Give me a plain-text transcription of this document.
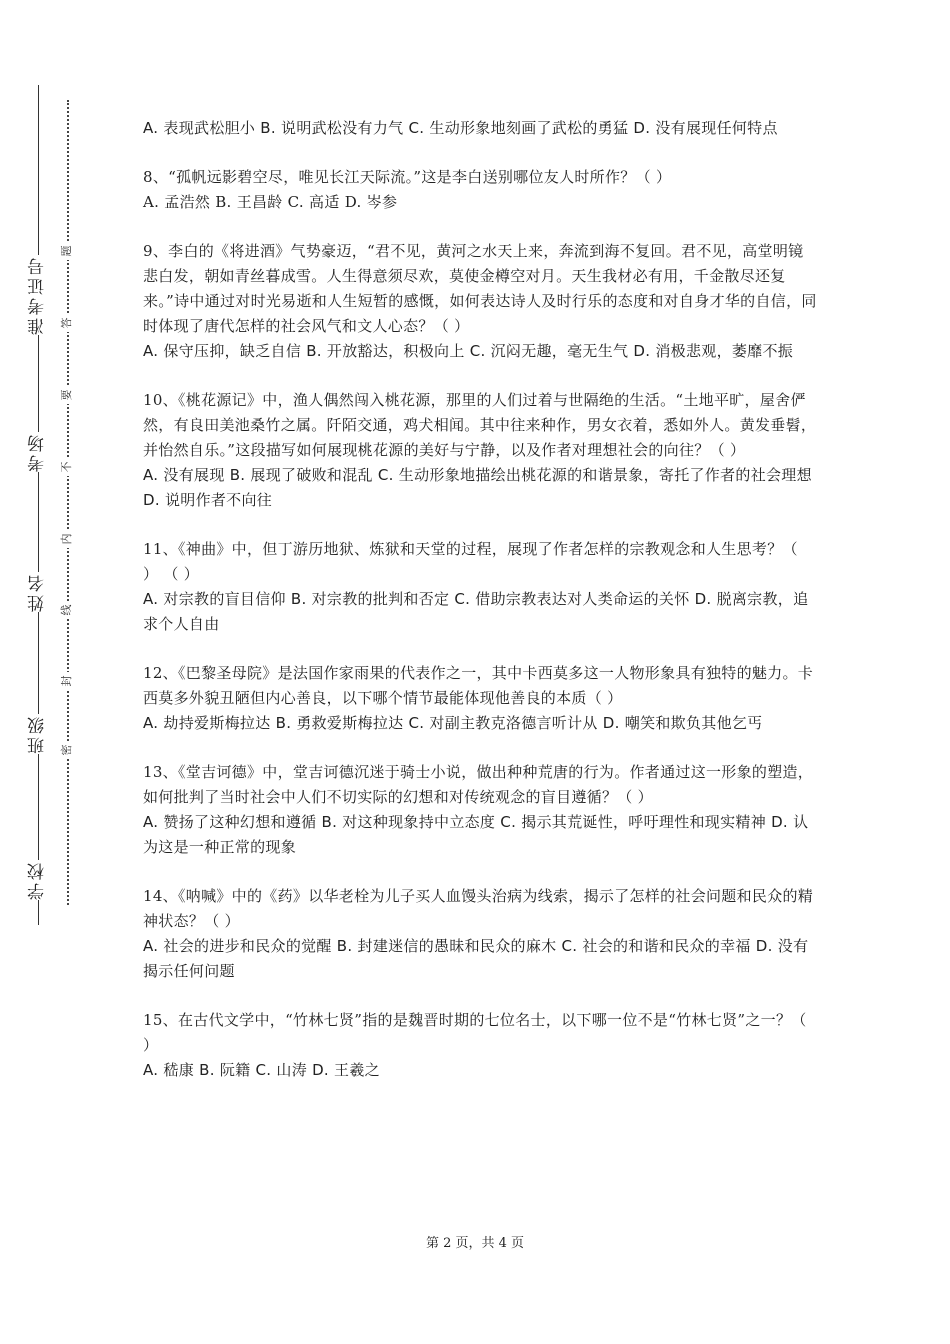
学校
班级
姓名
考场
准考证号
密
封
线
内
不
要
答
题

A. 表现武松胆小 B. 说明武松没有力气 C. 生动形象地刻画了武松的勇猛 D. 没有展现任何特点

8、“孤帆远影碧空尽，唯见长江天际流。”这是李白送别哪位友人时所作？（ ）

A. 孟浩然 B. 王昌龄 C. 高适 D. 岑参

9、李白的《将进酒》气势豪迈，“君不见，黄河之水天上来，奔流到海不复回。君不见，高堂明镜悲白发，朝如青丝暮成雪。人生得意须尽欢，莫使金樽空对月。天生我材必有用，千金散尽还复来。”诗中通过对时光易逝和人生短暂的感慨，如何表达诗人及时行乐的态度和对自身才华的自信，同时体现了唐代怎样的社会风气和文人心态？（ ）

A. 保守压抑，缺乏自信 B. 开放豁达，积极向上 C. 沉闷无趣，毫无生气 D. 消极悲观，萎靡不振

10、《桃花源记》中，渔人偶然闯入桃花源，那里的人们过着与世隔绝的生活。“土地平旷，屋舍俨然，有良田美池桑竹之属。阡陌交通，鸡犬相闻。其中往来种作，男女衣着，悉如外人。黄发垂髫，并怡然自乐。”这段描写如何展现桃花源的美好与宁静，以及作者对理想社会的向往？（ ）

A. 没有展现 B. 展现了破败和混乱 C. 生动形象地描绘出桃花源的和谐景象，寄托了作者的社会理想 D. 说明作者不向往

11、《神曲》中，但丁游历地狱、炼狱和天堂的过程，展现了作者怎样的宗教观念和人生思考？（ ） （ ）

A. 对宗教的盲目信仰 B. 对宗教的批判和否定 C. 借助宗教表达对人类命运的关怀 D. 脱离宗教，追求个人自由

12、《巴黎圣母院》是法国作家雨果的代表作之一，其中卡西莫多这一人物形象具有独特的魅力。卡西莫多外貌丑陋但内心善良，以下哪个情节最能体现他善良的本质（ ）

A. 劫持爱斯梅拉达 B. 勇救爱斯梅拉达 C. 对副主教克洛德言听计从 D. 嘲笑和欺负其他乞丐

13、《堂吉诃德》中，堂吉诃德沉迷于骑士小说，做出种种荒唐的行为。作者通过这一形象的塑造，如何批判了当时社会中人们不切实际的幻想和对传统观念的盲目遵循？（ ）

A. 赞扬了这种幻想和遵循 B. 对这种现象持中立态度 C. 揭示其荒诞性，呼吁理性和现实精神 D. 认为这是一种正常的现象

14、《呐喊》中的《药》以华老栓为儿子买人血馒头治病为线索，揭示了怎样的社会问题和民众的精神状态？（ ）

A. 社会的进步和民众的觉醒 B. 封建迷信的愚昧和民众的麻木 C. 社会的和谐和民众的幸福 D. 没有揭示任何问题

15、在古代文学中，“竹林七贤”指的是魏晋时期的七位名士，以下哪一位不是“竹林七贤”之一？（ ）

A. 嵇康 B. 阮籍 C. 山涛 D. 王羲之

第 2 页，共 4 页
